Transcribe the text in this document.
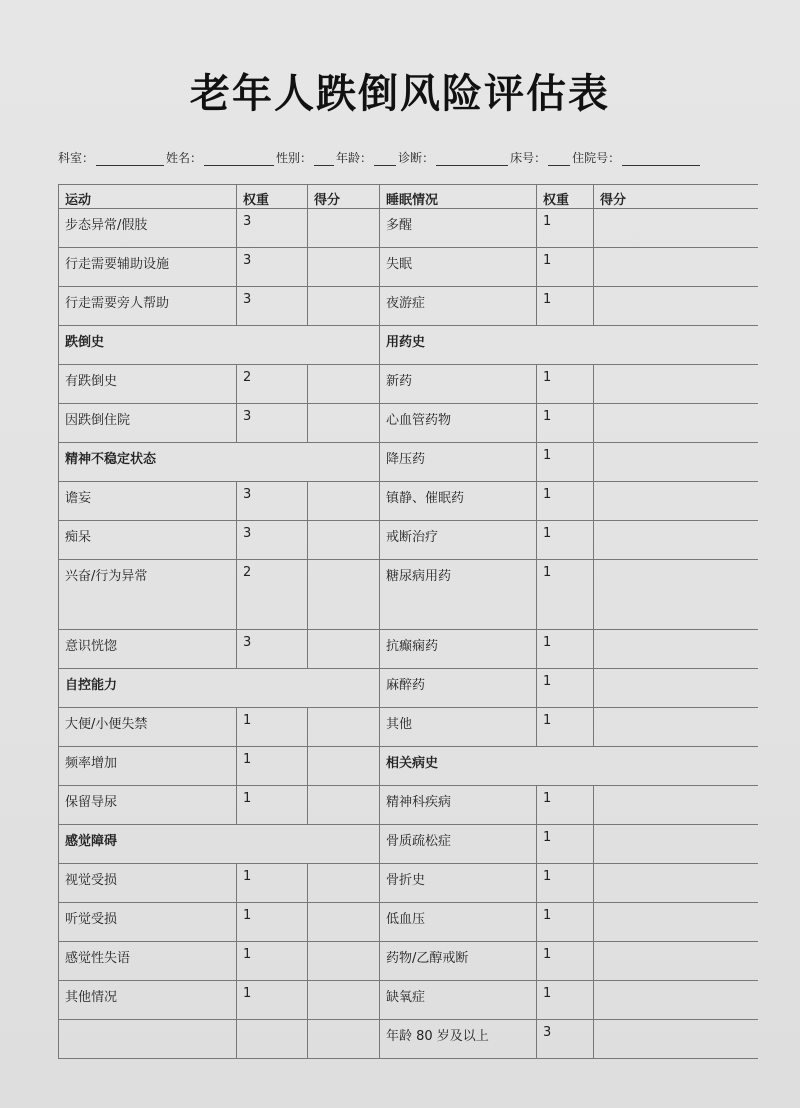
老年人跌倒风险评估表
科室：	姓名：	性别： 年龄： 诊断：	床号： 住院号：
运动	权重	得分	睡眠情况	权重	得分
步态异常/假肢	3		多醒	1	
行走需要辅助设施	3		失眠	1	
行走需要旁人帮助	3		夜游症	1	
跌倒史			用药史		
有跌倒史	2		新药	1	
因跌倒住院	3		心血管药物	1	
精神不稳定状态			降压药	1	
谵妄	3		镇静、催眠药	1	
痴呆	3		戒断治疗	1	
兴奋/行为异常	2		糖尿病用药	1	
意识恍惚	3		抗癫痫药	1	
自控能力			麻醉药	1	
大便/小便失禁	1		其他	1	
频率增加	1		相关病史		
保留导尿	1		精神科疾病	1	
感觉障碍			骨质疏松症	1	
视觉受损	1		骨折史	1	
听觉受损	1		低血压	1	
感觉性失语	1		药物/乙醇戒断	1	
其他情况	1		缺氧症	1	
			年龄 80 岁及以上	3	
